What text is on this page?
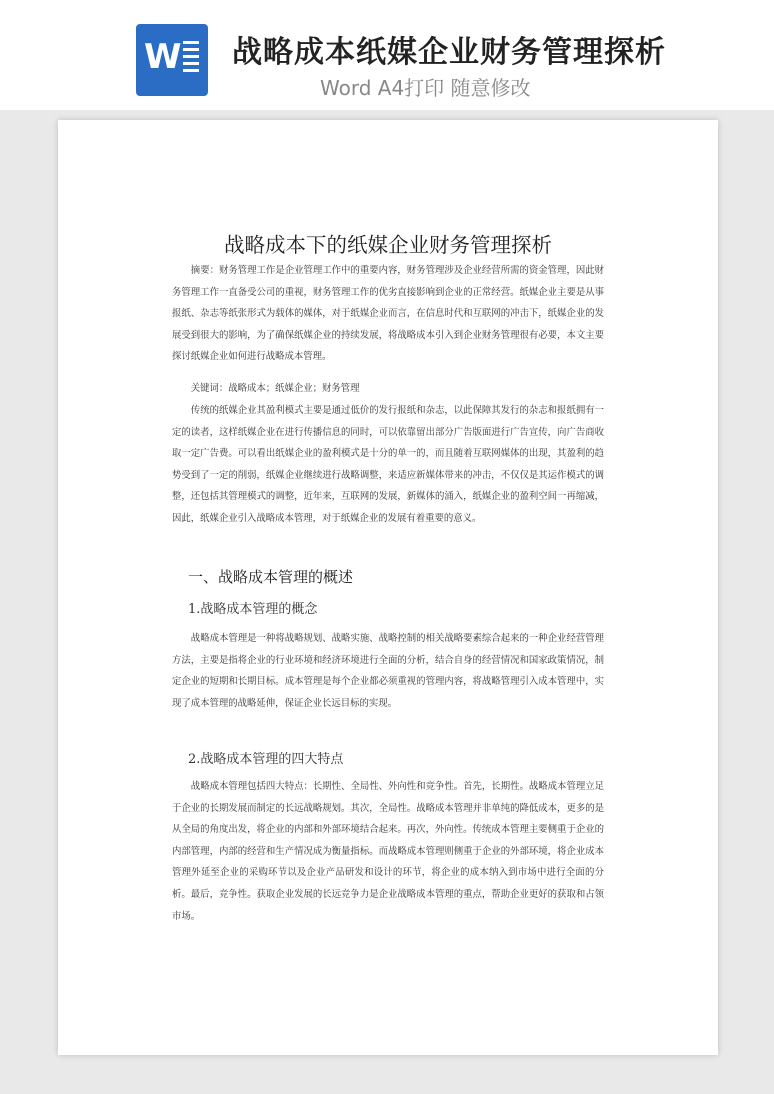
W 战略成本纸媒企业财务管理探析
Word A4打印 随意修改
战略成本下的纸媒企业财务管理探析
摘要：财务管理工作是企业管理工作中的重要内容，财务管理涉及企业经营所需的资金管理，因此财务管理工作一直备受公司的重视，财务管理工作的优劣直接影响到企业的正常经营。纸媒企业主要是从事报纸、杂志等纸张形式为载体的媒体，对于纸媒企业而言，在信息时代和互联网的冲击下，纸媒企业的发展受到很大的影响，为了确保纸媒企业的持续发展，将战略成本引入到企业财务管理很有必要，本文主要探讨纸媒企业如何进行战略成本管理。
关键词：战略成本；纸媒企业；财务管理
传统的纸媒企业其盈利模式主要是通过低价的发行报纸和杂志，以此保障其发行的杂志和报纸拥有一定的读者，这样纸媒企业在进行传播信息的同时，可以依靠留出部分广告版面进行广告宣传，向广告商收取一定广告费。可以看出纸媒企业的盈利模式是十分的单一的，而且随着互联网媒体的出现，其盈利的趋势受到了一定的削弱，纸媒企业继续进行战略调整，来适应新媒体带来的冲击，不仅仅是其运作模式的调整，还包括其管理模式的调整，近年来，互联网的发展，新媒体的涌入，纸媒企业的盈利空间一再缩减，因此，纸媒企业引入战略成本管理，对于纸媒企业的发展有着重要的意义。
一、战略成本管理的概述
1.战略成本管理的概念
战略成本管理是一种将战略规划、战略实施、战略控制的相关战略要素综合起来的一种企业经营管理方法，主要是指将企业的行业环境和经济环境进行全面的分析，结合自身的经营情况和国家政策情况，制定企业的短期和长期目标。成本管理是每个企业都必须重视的管理内容，将战略管理引入成本管理中，实现了成本管理的战略延伸，保证企业长远目标的实现。
2.战略成本管理的四大特点
战略成本管理包括四大特点：长期性、全局性、外向性和竞争性。首先，长期性。战略成本管理立足于企业的长期发展而制定的长远战略规划。其次，全局性。战略成本管理并非单纯的降低成本，更多的是从全局的角度出发，将企业的内部和外部环境结合起来。再次，外向性。传统成本管理主要侧重于企业的内部管理，内部的经营和生产情况成为衡量指标。而战略成本管理则侧重于企业的外部环境，将企业成本管理外延至企业的采购环节以及企业产品研发和设计的环节，将企业的成本纳入到市场中进行全面的分析。最后，竞争性。获取企业发展的长远竞争力是企业战略成本管理的重点，帮助企业更好的获取和占领市场。
